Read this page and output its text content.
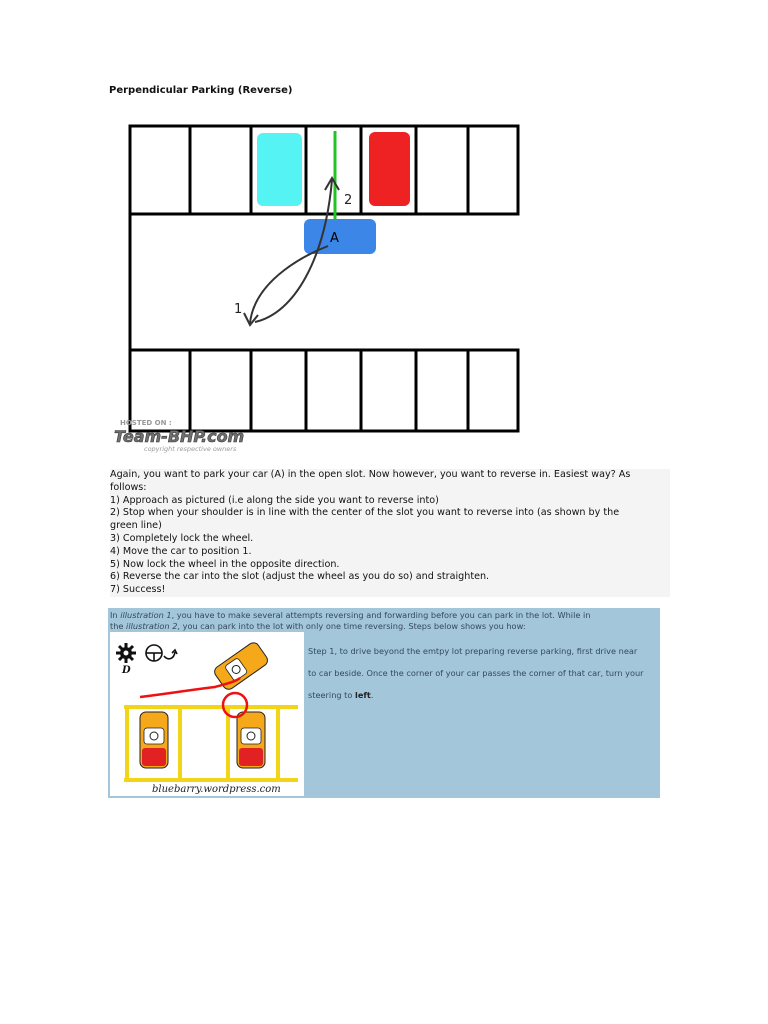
Perpendicular Parking (Reverse)
A
1
2
HOSTED ON :
Team-BHP.com
copyright respective owners
Again, you want to park your car (A) in the open slot. Now however, you want to reverse in. Easiest way? As
follows:
1) Approach as pictured (i.e along the side you want to reverse into)
2) Stop when your shoulder is in line with the center of the slot you want to reverse into (as shown by the
green line)
3) Completely lock the wheel.
4) Move the car to position 1.
5) Now lock the wheel in the opposite direction.
6) Reverse the car into the slot (adjust the wheel as you do so) and straighten.
7) Success!
In illustration 1, you have to make several attempts reversing and forwarding before you can park in the lot. While in
the illustration 2, you can park into the lot with only one time reversing. Steps below shows you how:
D
bluebarry.wordpress.com
Step 1, to drive beyond the emtpy lot preparing reverse parking, first drive near
to car beside. Once the corner of your car passes the corner of that car, turn your
steering to left.
